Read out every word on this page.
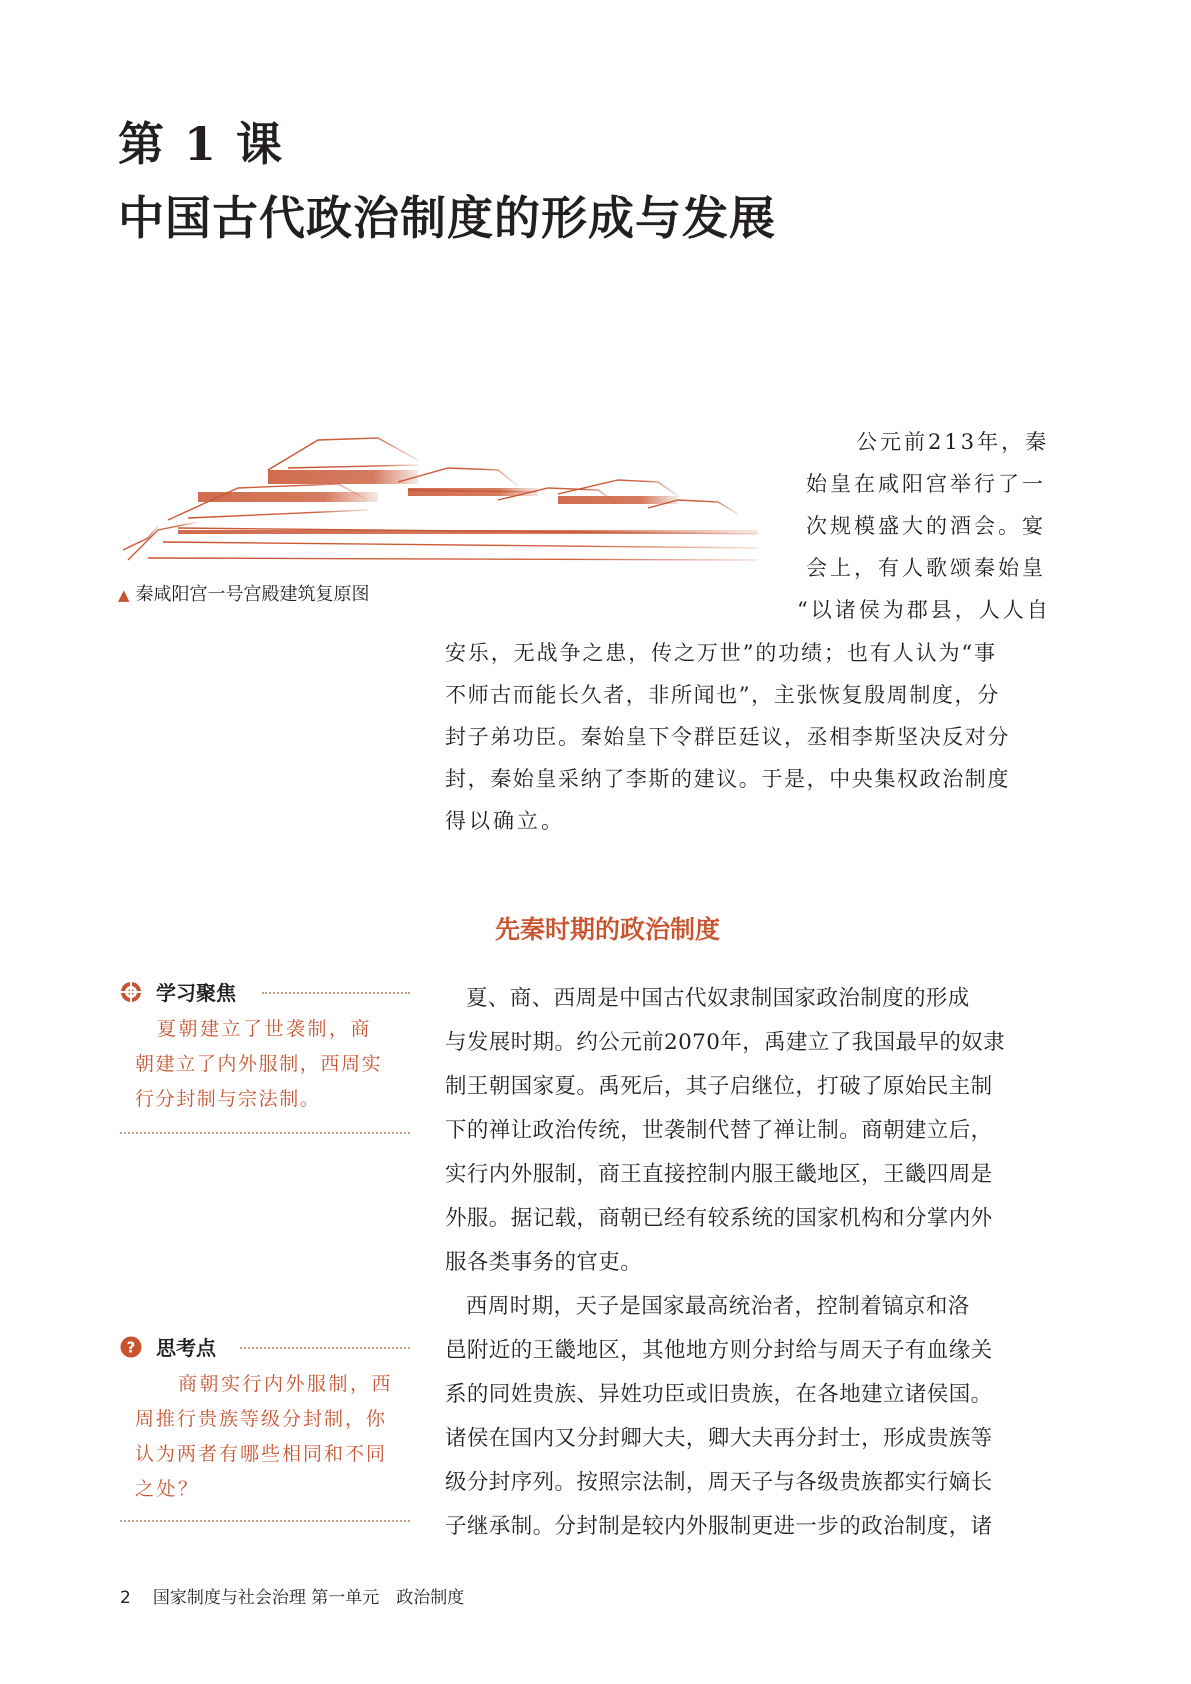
第 1 课
中国古代政治制度的形成与发展
▲ 秦咸阳宫一号宫殿建筑复原图
公元前213年，秦
始皇在咸阳宫举行了一
次规模盛大的酒会。宴
会上，有人歌颂秦始皇
“以诸侯为郡县，人人自
安乐，无战争之患，传之万世”的功绩；也有人认为“事
不师古而能长久者，非所闻也”，主张恢复殷周制度，分
封子弟功臣。秦始皇下令群臣廷议，丞相李斯坚决反对分
封，秦始皇采纳了李斯的建议。于是，中央集权政治制度
得以确立。
先秦时期的政治制度
夏、商、西周是中国古代奴隶制国家政治制度的形成
与发展时期。约公元前2070年，禹建立了我国最早的奴隶
制王朝国家夏。禹死后，其子启继位，打破了原始民主制
下的禅让政治传统，世袭制代替了禅让制。商朝建立后，
实行内外服制，商王直接控制内服王畿地区，王畿四周是
外服。据记载，商朝已经有较系统的国家机构和分掌内外
服各类事务的官吏。
西周时期，天子是国家最高统治者，控制着镐京和洛
邑附近的王畿地区，其他地方则分封给与周天子有血缘关
系的同姓贵族、异姓功臣或旧贵族，在各地建立诸侯国。
诸侯在国内又分封卿大夫，卿大夫再分封士，形成贵族等
级分封序列。按照宗法制，周天子与各级贵族都实行嫡长
子继承制。分封制是较内外服制更进一步的政治制度，诸
学习聚焦
夏朝建立了世袭制，商
朝建立了内外服制，西周实
行分封制与宗法制。
? 思考点
商朝实行内外服制，西
周推行贵族等级分封制，你
认为两者有哪些相同和不同
之处？
2 国家制度与社会治理 第一单元　政治制度
